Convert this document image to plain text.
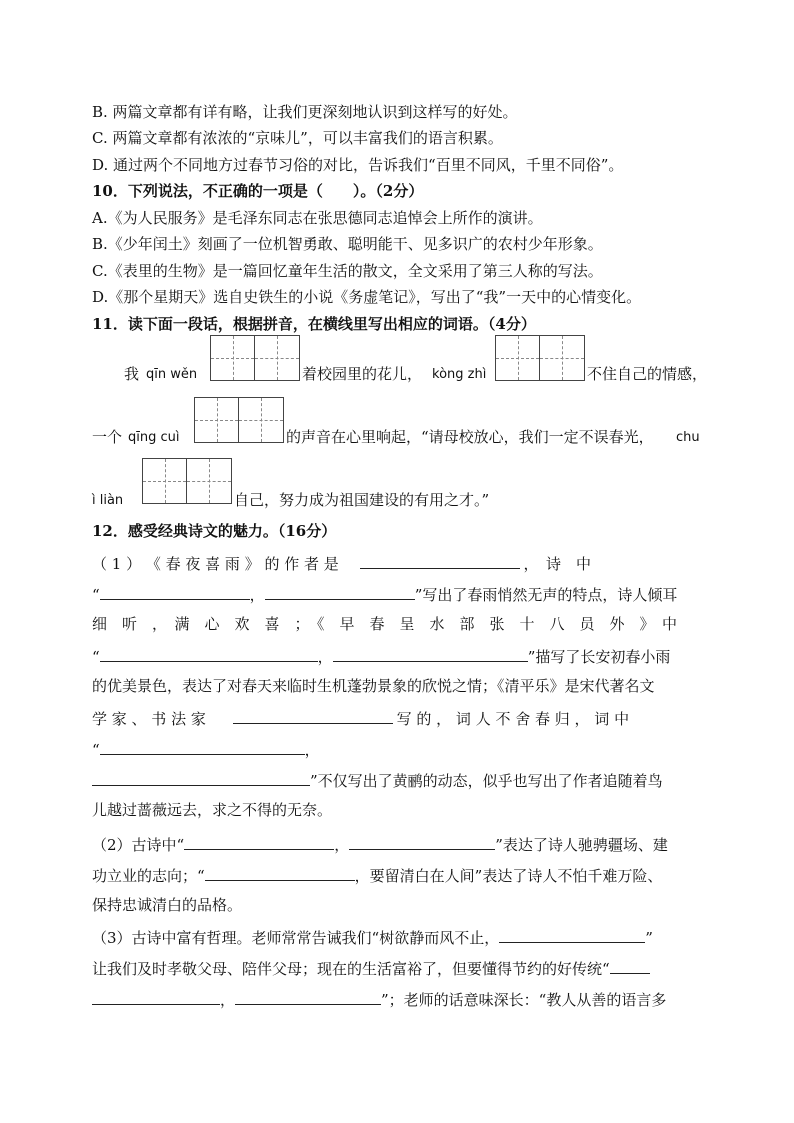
B. 两篇文章都有详有略，让我们更深刻地认识到这样写的好处。
C. 两篇文章都有浓浓的“京味儿”，可以丰富我们的语言积累。
D. 通过两个不同地方过春节习俗的对比，告诉我们“百里不同风，千里不同俗”。
10．下列说法，不正确的一项是（　　）。（2分）
A.《为人民服务》是毛泽东同志在张思德同志追悼会上所作的演讲。
B.《少年闰土》刻画了一位机智勇敢、聪明能干、见多识广的农村少年形象。
C.《表里的生物》是一篇回忆童年生活的散文，全文采用了第三人称的写法。
D.《那个星期天》选自史铁生的小说《务虚笔记》，写出了“我”一天中的心情变化。
11．读下面一段话，根据拼音，在横线里写出相应的词语。（4分）
我 qīn wěn	着校园里的花儿， kòng zhì	不住自己的情感，
一个 qīng cuì	的声音在心里响起，“请母校放心，我们一定不误春光， chu
ì liàn	自己，努力成为祖国建设的有用之才。”
12．感受经典诗文的魅力。（16分）
（ 1 ） 《 春 夜 喜 雨 》 的 作 者 是	，　诗　中
“	，	”写出了春雨悄然无声的特点，诗人倾耳
细　听　，　满　心　欢　喜　；　《　早　春　呈　水　部　张　十　八　员　外　》　中
“	，	”描写了长安初春小雨
的优美景色，表达了对春天来临时生机蓬勃景象的欣悦之情；《清平乐》是宋代著名文
学 家 、 书 法 家	写 的 ， 词 人 不 舍 春 归 ， 词 中
“	，
”不仅写出了黄鹂的动态，似乎也写出了作者追随着鸟
儿越过蔷薇远去，求之不得的无奈。
（2）古诗中“	，	”表达了诗人驰骋疆场、建
功立业的志向；“	，要留清白在人间”表达了诗人不怕千难万险、
保持忠诚清白的品格。
（3）古诗中富有哲理。老师常常告诫我们“树欲静而风不止，	”
让我们及时孝敬父母、陪伴父母；现在的生活富裕了，但要懂得节约的好传统“
，	”；老师的话意味深长：“教人从善的语言多
